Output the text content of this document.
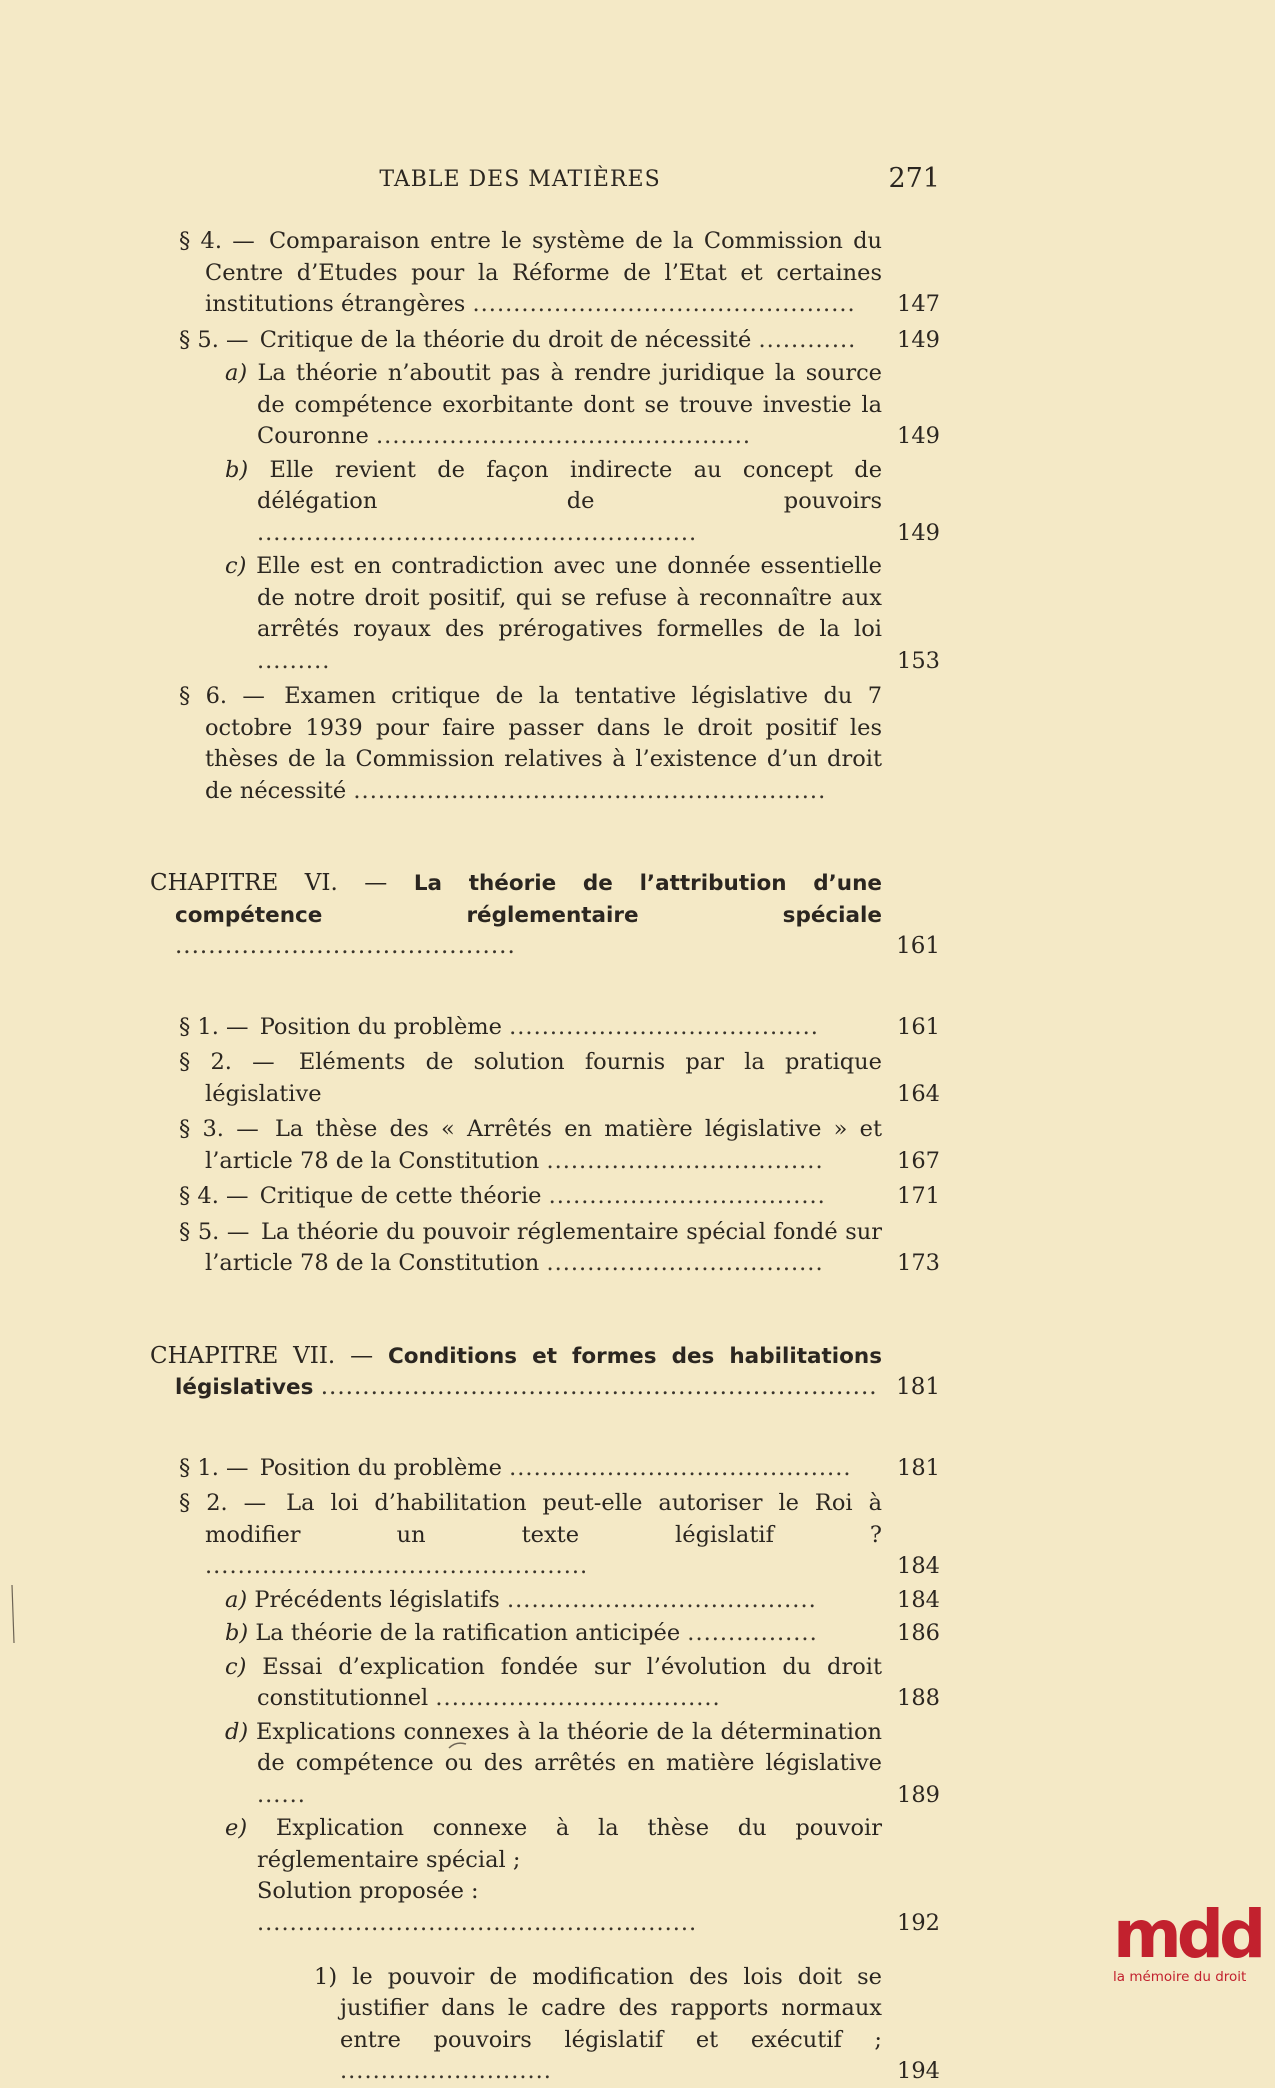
TABLE DES MATIÈRES	271

§ 4. — Comparaison entre le système de la Commission du Centre d’Etudes pour la Réforme de l’Etat et certaines institutions étrangères ...............................................	147

§ 5. — Critique de la théorie du droit de nécessité ............	149

a) La théorie n’aboutit pas à rendre juridique la source de compétence exorbitante dont se trouve investie la Couronne ..............................................	149

b) Elle revient de façon indirecte au concept de délégation de pouvoirs ......................................................	149

c) Elle est en contradiction avec une donnée essentielle de notre droit positif, qui se refuse à reconnaître aux arrêtés royaux des prérogatives formelles de la loi .........	153

§ 6. — Examen critique de la tentative législative du 7 octobre 1939 pour faire passer dans le droit positif les thèses de la Commission relatives à l’existence d’un droit de nécessité ..........................................................

CHAPITRE VI. — La théorie de l’attribution d’une compétence réglementaire spéciale .........................................	161

§ 1. — Position du problème ......................................	161

§ 2. — Eléments de solution fournis par la pratique législative	164

§ 3. — La thèse des « Arrêtés en matière législative » et l’article 78 de la Constitution ..................................	167

§ 4. — Critique de cette théorie ..................................	171

§ 5. — La théorie du pouvoir réglementaire spécial fondé sur l’article 78 de la Constitution ..................................	173

CHAPITRE VII. — Conditions et formes des habilitations législatives ................................................................... 181

§ 1. — Position du problème ..........................................	181

§ 2. — La loi d’habilitation peut-elle autoriser le Roi à modifier un texte législatif ? ...............................................	184

a) Précédents législatifs ......................................	184

b) La théorie de la ratification anticipée ................	186

c) Essai d’explication fondée sur l’évolution du droit constitutionnel ...................................	188

d) Explications connexes à la théorie de la détermination de compétence ou des arrêtés en matière législative ......	189

e) Explication connexe à la thèse du pouvoir réglementaire spécial ;

Solution proposée : ......................................................	192

1) le pouvoir de modification des lois doit se justifier dans le cadre des rapports normaux entre pouvoirs législatif et exécutif ; ..........................	194

mdd
la mémoire du droit
